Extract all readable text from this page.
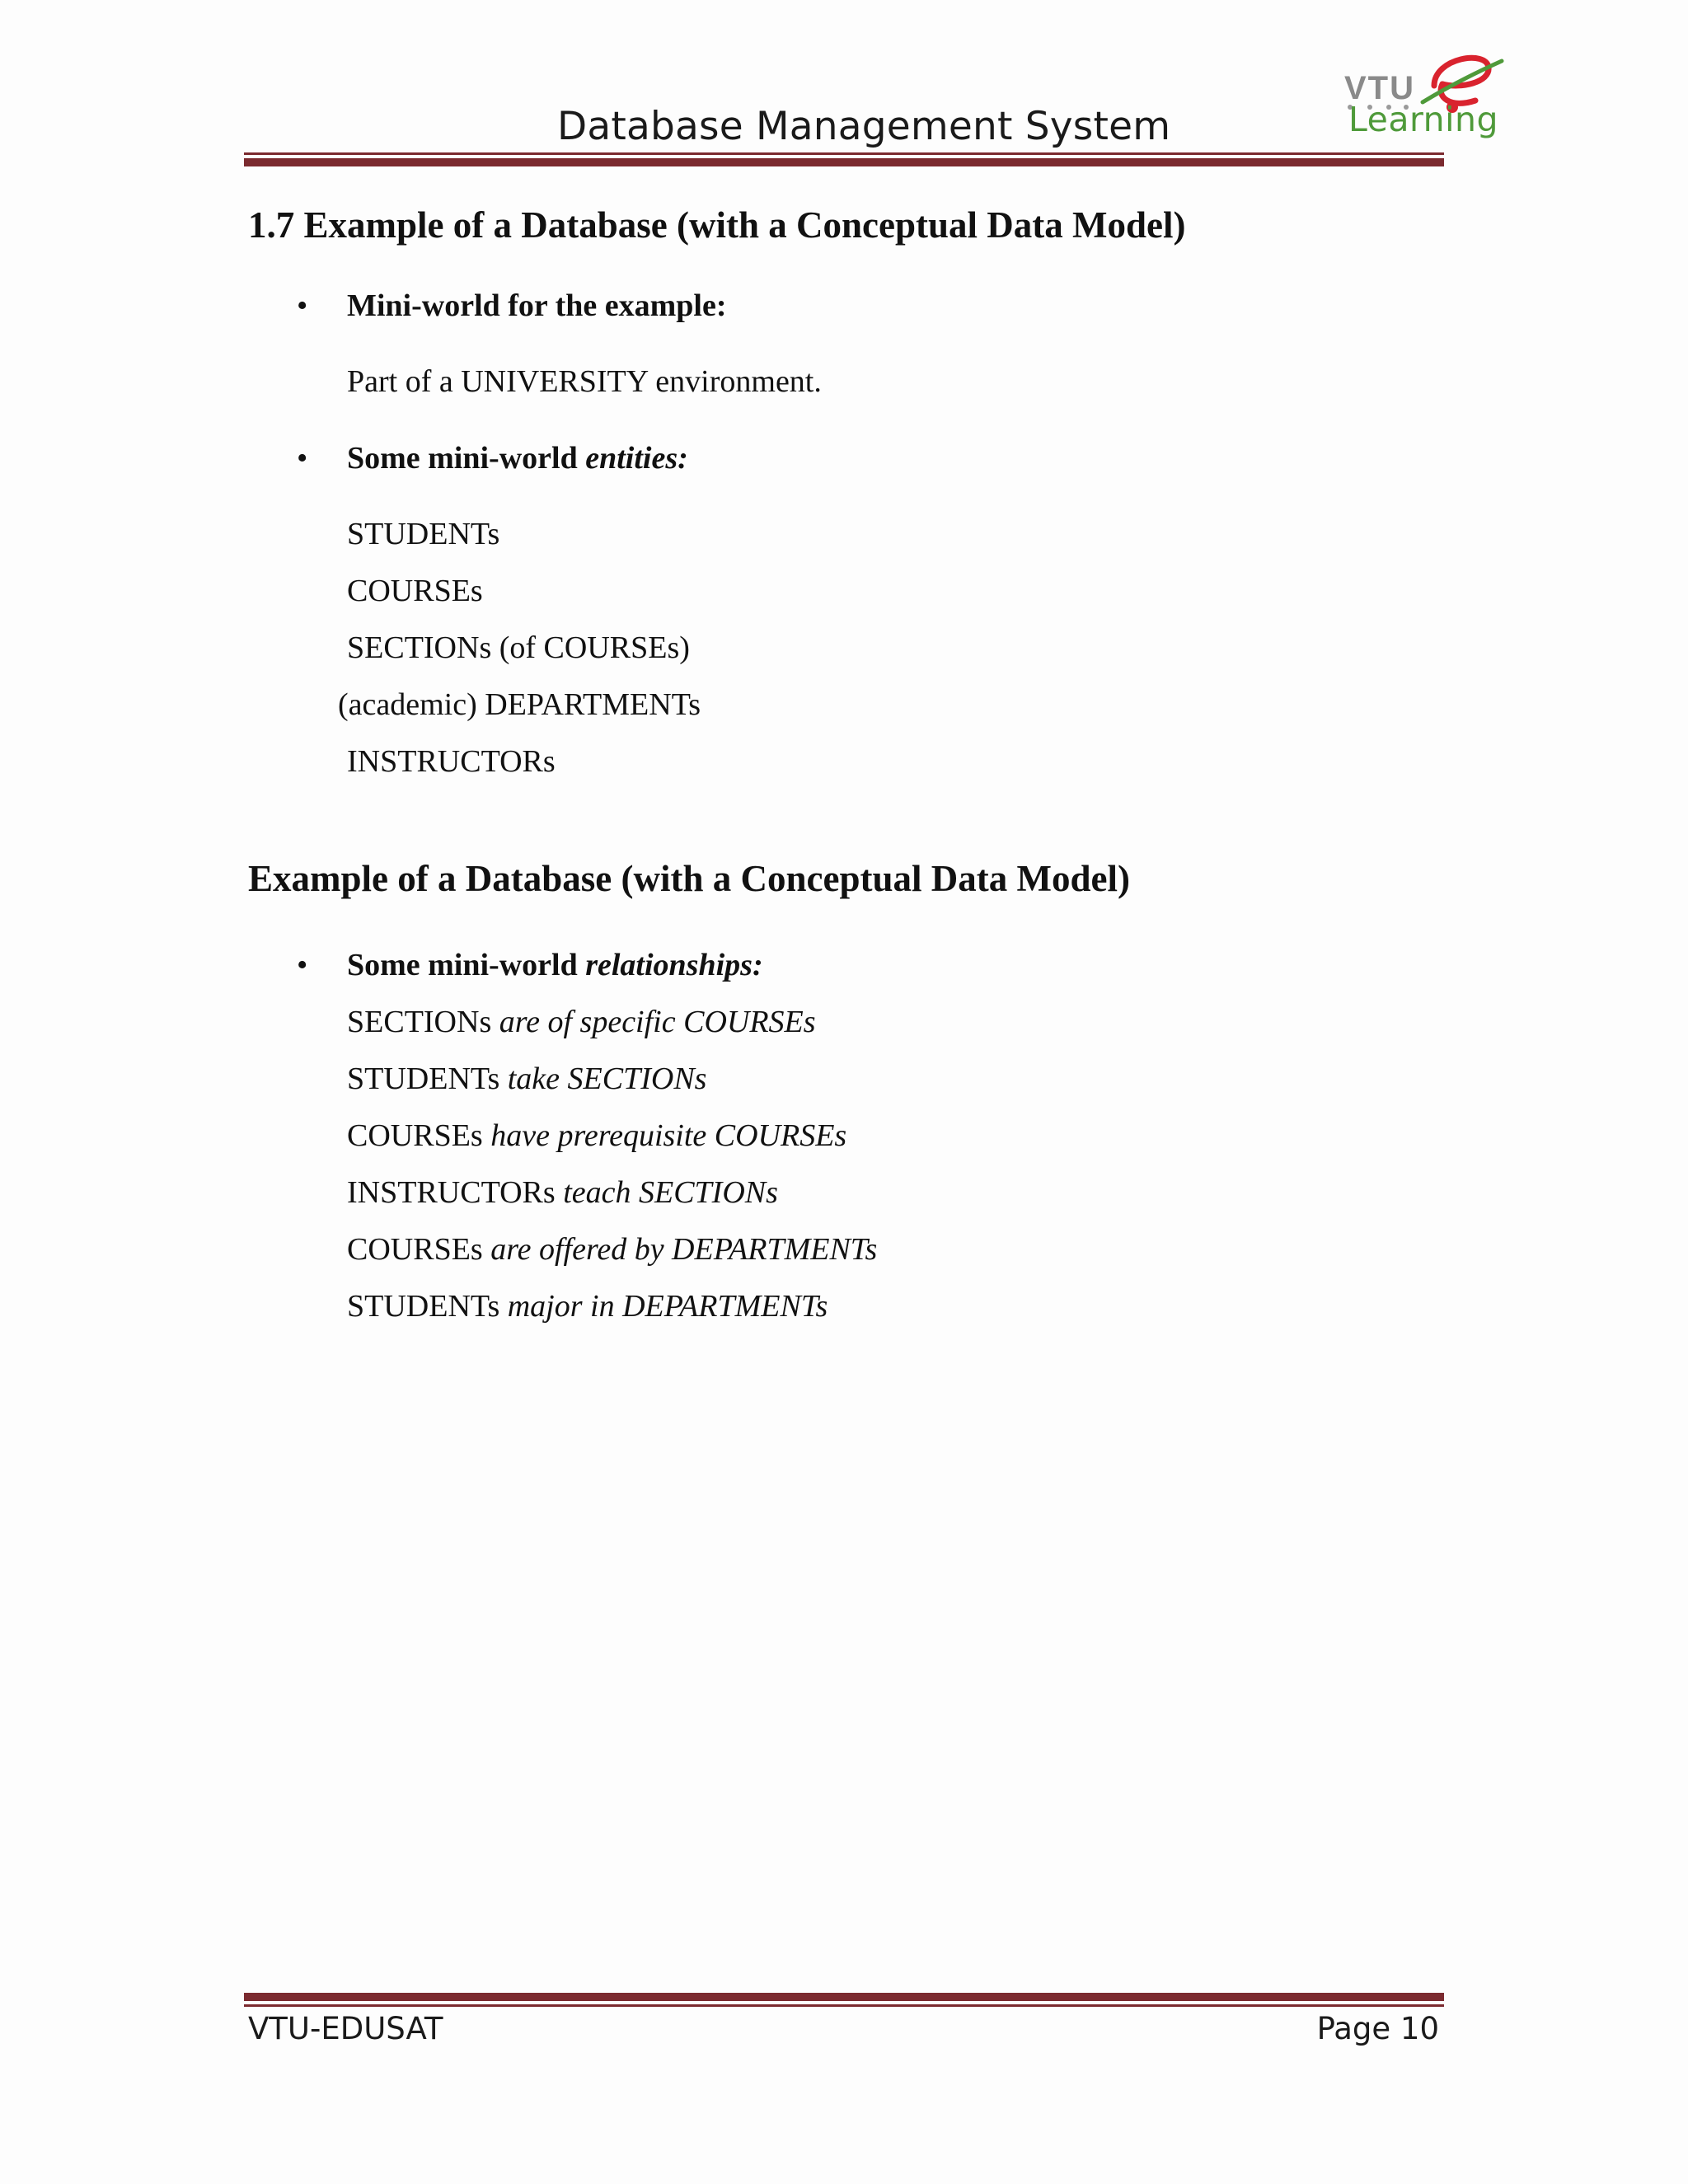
Database Management System
VTU
Learning
1.7 Example of a Database (with a Conceptual Data Model)
• Mini-world for the example:
Part of a UNIVERSITY environment.
• Some mini-world entities:
STUDENTs
COURSEs
SECTIONs (of COURSEs)
(academic) DEPARTMENTs
INSTRUCTORs
Example of a Database (with a Conceptual Data Model)
• Some mini-world relationships:
SECTIONs are of specific COURSEs
STUDENTs take SECTIONs
COURSEs have prerequisite COURSEs
INSTRUCTORs teach SECTIONs
COURSEs are offered by DEPARTMENTs
STUDENTs major in DEPARTMENTs
VTU-EDUSAT	Page 10
